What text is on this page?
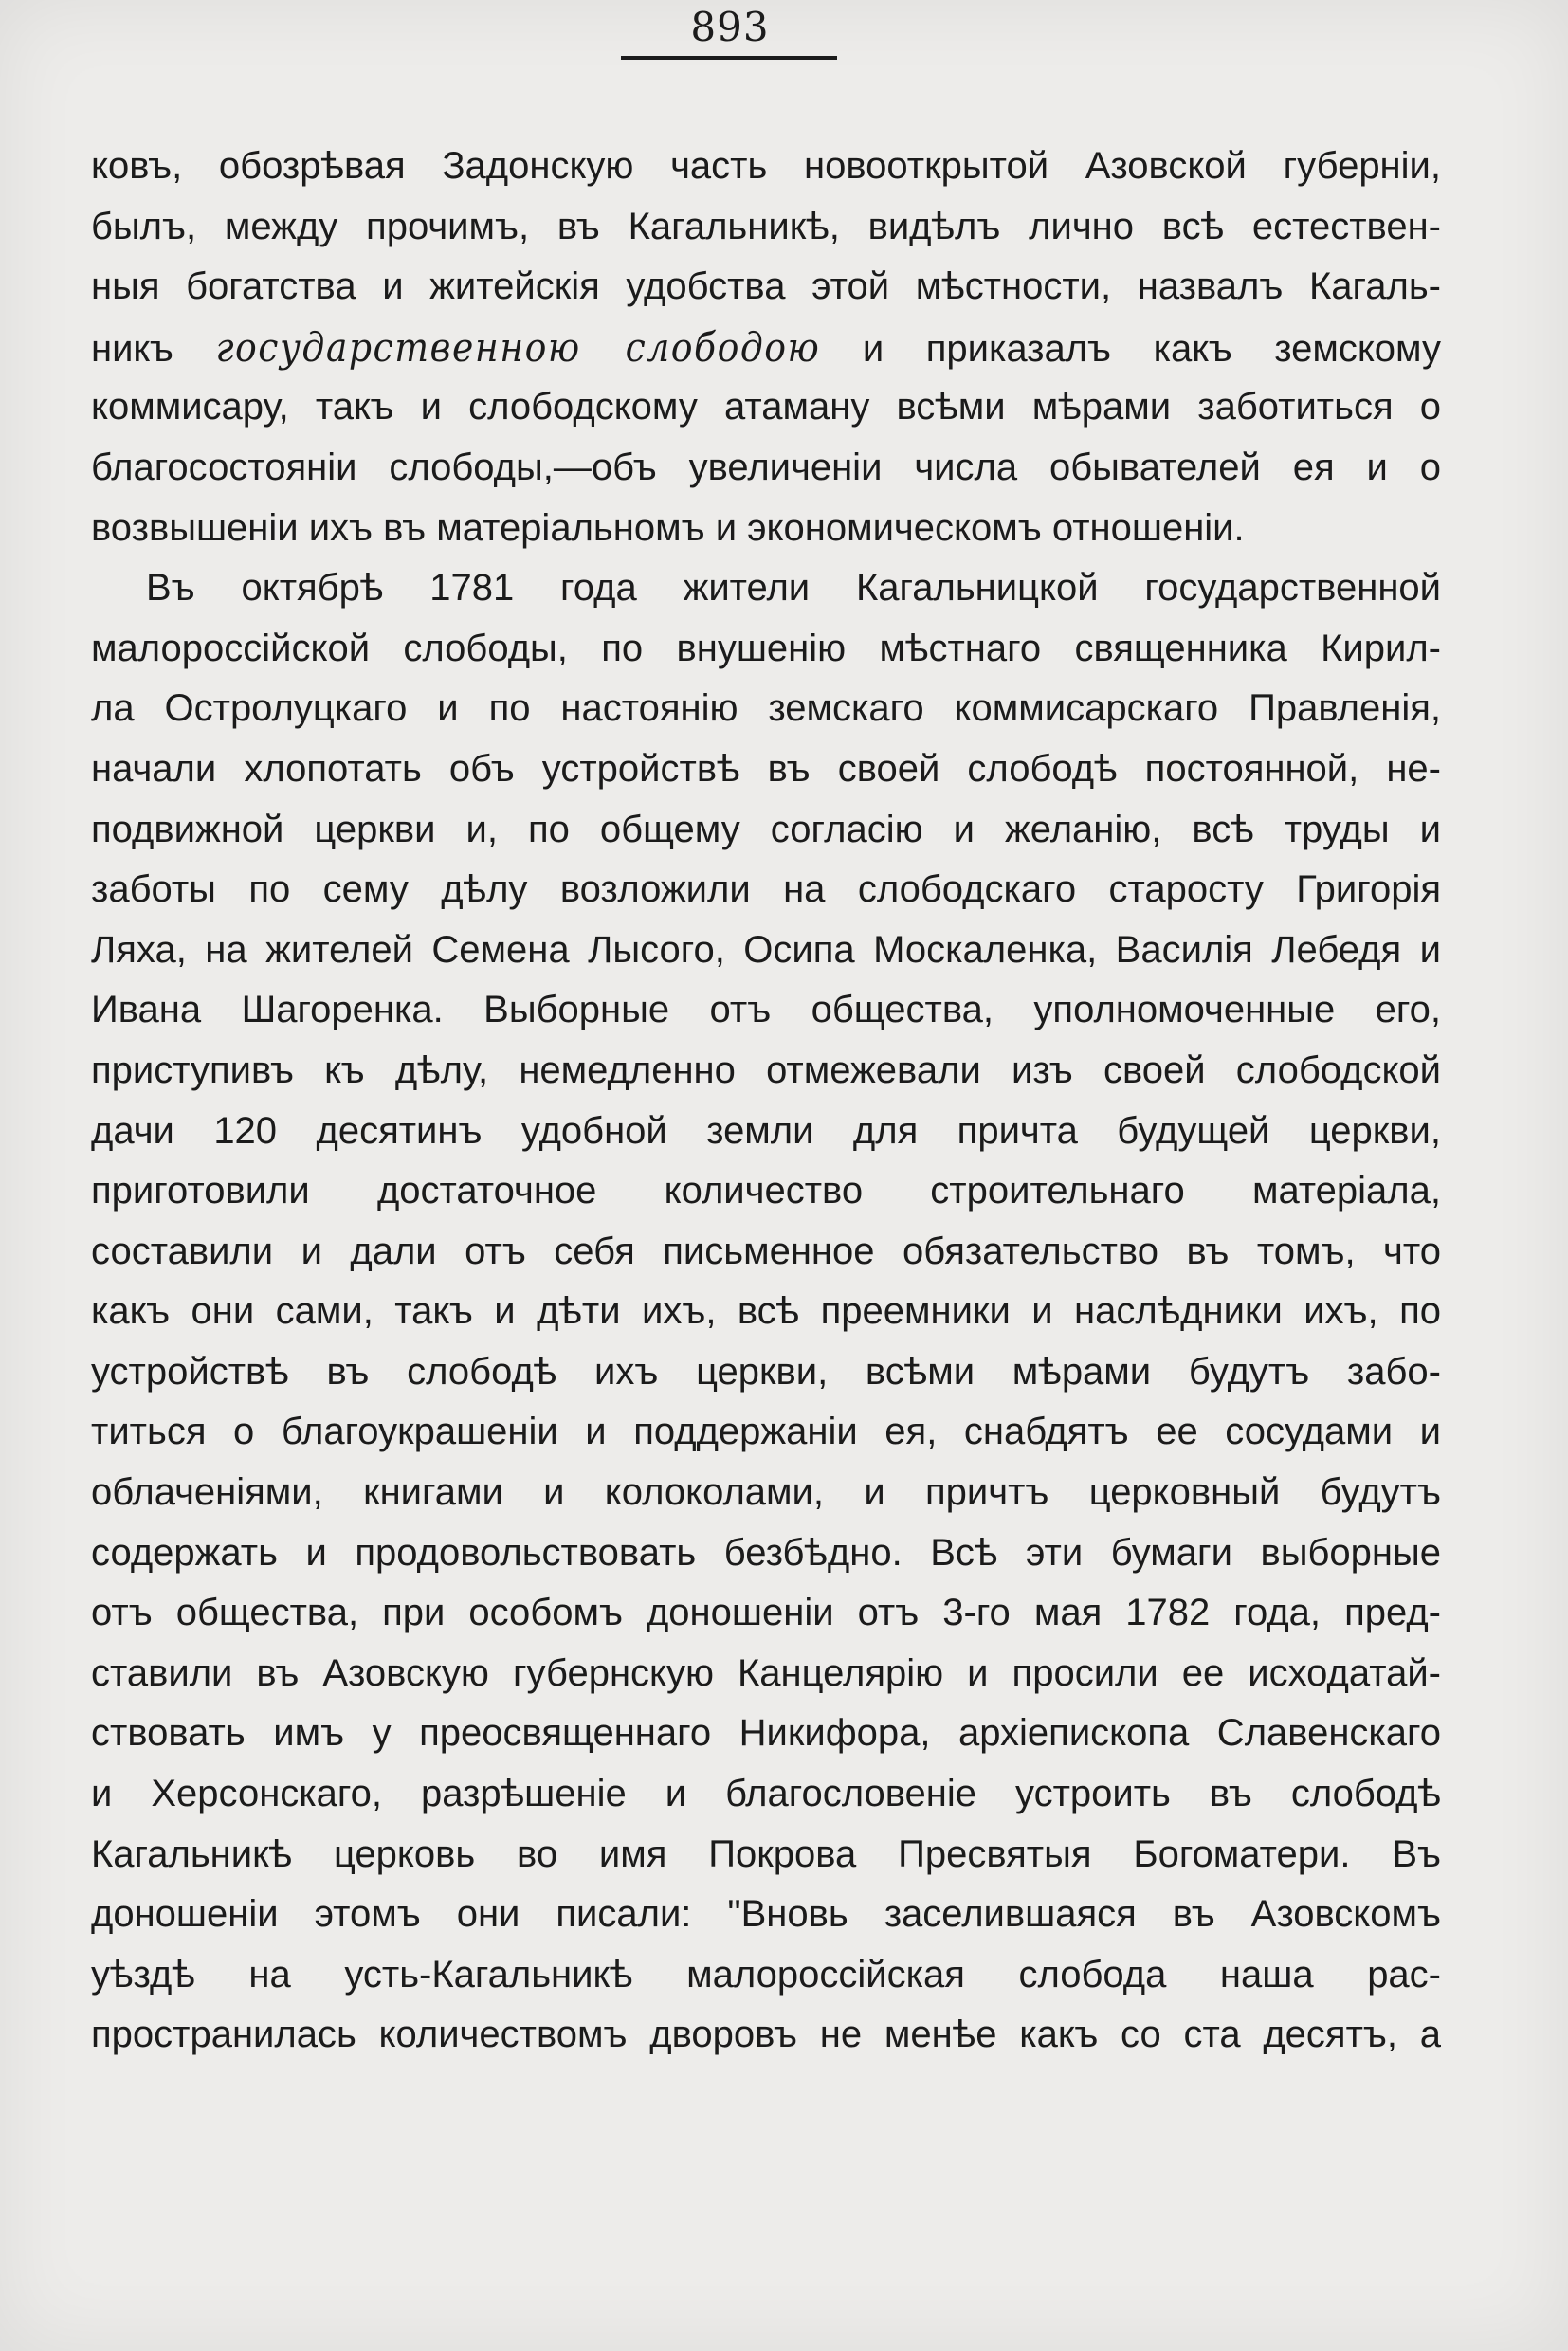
893
ковъ, обозрѣвая Задонскую часть новооткрытой Азовской губерніи,
былъ, между прочимъ, въ Кагальникѣ, видѣлъ лично всѣ естествен-
ныя богатства и житейскія удобства этой мѣстности, назвалъ Кагаль-
никъ государственною слободою и приказалъ какъ земскому
коммисару, такъ и слободскому атаману всѣми мѣрами заботиться о
благосостояніи слободы,—объ увеличеніи числа обывателей ея и о
возвышеніи ихъ въ матеріальномъ и экономическомъ отношеніи.
Въ октябрѣ 1781 года жители Кагальницкой государственной
малороссійской слободы, по внушенію мѣстнаго священника Кирил-
ла Остролуцкаго и по настоянію земскаго коммисарскаго Правленія,
начали хлопотать объ устройствѣ въ своей слободѣ постоянной, не-
подвижной церкви и, по общему согласію и желанію, всѣ труды и
заботы по сему дѣлу возложили на слободскаго старосту Григорія
Ляха, на жителей Семена Лысого, Осипа Москаленка, Василія Лебедя и
Ивана Шагоренка. Выборные отъ общества, уполномоченные его,
приступивъ къ дѣлу, немедленно отмежевали изъ своей слободской
дачи 120 десятинъ удобной земли для причта будущей церкви,
приготовили достаточное количество строительнаго матеріала,
составили и дали отъ себя письменное обязательство въ томъ, что
какъ они сами, такъ и дѣти ихъ, всѣ преемники и наслѣдники ихъ, по
устройствѣ въ слободѣ ихъ церкви, всѣми мѣрами будутъ забо-
титься о благоукрашеніи и поддержаніи ея, снабдятъ ее сосудами и
облаченіями, книгами и колоколами, и причтъ церковный будутъ
содержать и продовольствовать безбѣдно. Всѣ эти бумаги выборные
отъ общества, при особомъ доношеніи отъ 3-го мая 1782 года, пред-
ставили въ Азовскую губернскую Канцелярію и просили ее исходатай-
ствовать имъ у преосвященнаго Никифора, архіепископа Славенскаго
и Херсонскаго, разрѣшеніе и благословеніе устроить въ слободѣ
Кагальникѣ церковь во имя Покрова Пресвятыя Богоматери. Въ
доношеніи этомъ они писали: "Вновь заселившаяся въ Азовскомъ
уѣздѣ на усть-Кагальникѣ малороссійская слобода наша рас-
пространилась количествомъ дворовъ не менѣе какъ со ста десятъ, а
